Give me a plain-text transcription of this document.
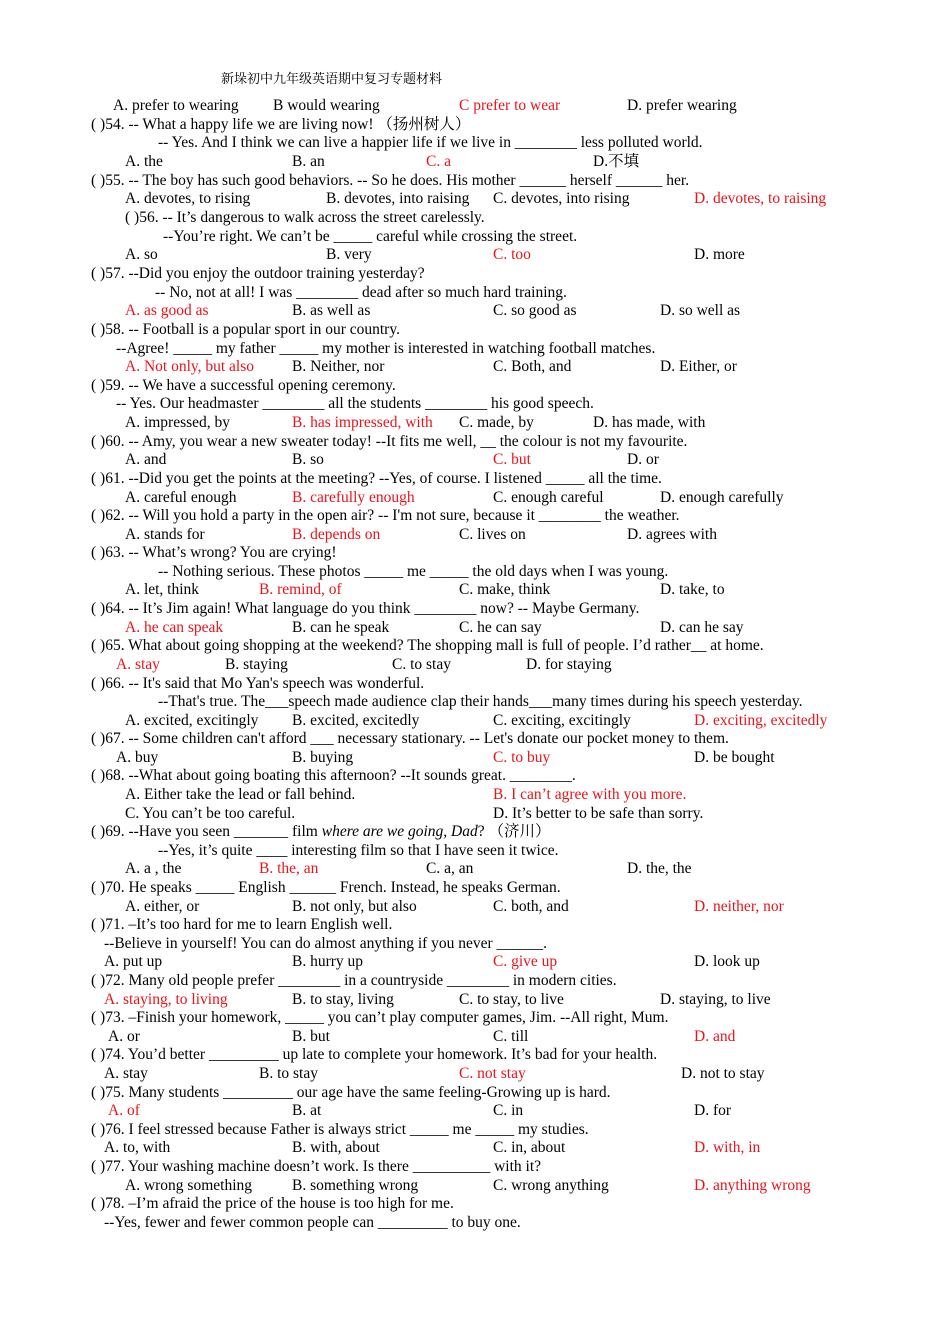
新垛初中九年级英语期中复习专题材料
A. prefer to wearing B would wearing	C prefer to wear	D. prefer wearing
( )54. -- What a happy life we are living now! （扬州树人）
-- Yes. And I think we can live a happier life if we live in ________ less polluted world.
A. the	B. an	C. a	D.不填
( )55. -- The boy has such good behaviors. -- So he does. His mother ______ herself ______ her.
A. devotes, to rising	B. devotes, into raising C. devotes, into rising	D. devotes, to raising
( )56. -- It’s dangerous to walk across the street carelessly.
--You’re right. We can’t be _____ careful while crossing the street.
A. so	B. very	C. too	D. more
( )57. --Did you enjoy the outdoor training yesterday?
-- No, not at all! I was ________ dead after so much hard training.
A. as good as	B. as well as	C. so good as	D. so well as
( )58. -- Football is a popular sport in our country.
--Agree! _____ my father _____ my mother is interested in watching football matches.
A. Not only, but also B. Neither, nor	C. Both, and	D. Either, or
( )59. -- We have a successful opening ceremony.
-- Yes. Our headmaster ________ all the students ________ his good speech.
A. impressed, by	B. has impressed, with C. made, by	D. has made, with
( )60. -- Amy, you wear a new sweater today! --It fits me well, __ the colour is not my favourite.
A. and	B. so	C. but	D. or
( )61. --Did you get the points at the meeting? --Yes, of course. I listened _____ all the time.
A. careful enough	B. carefully enough	C. enough careful	D. enough carefully
( )62. -- Will you hold a party in the open air? -- I'm not sure, because it ________ the weather.
A. stands for	B. depends on	C. lives on	D. agrees with
( )63. -- What’s wrong? You are crying!
-- Nothing serious. These photos _____ me _____ the old days when I was young.
A. let, think	B. remind, of	C. make, think	D. take, to
( )64. -- It’s Jim again! What language do you think ________ now? -- Maybe Germany.
A. he can speak	B. can he speak	C. he can say	D. can he say
( )65. What about going shopping at the weekend? The shopping mall is full of people. I’d rather__ at home.
A. stay	B. staying	C. to stay	D. for staying
( )66. -- It's said that Mo Yan's speech was wonderful.
--That's true. The___speech made audience clap their hands___many times during his speech yesterday.
A. excited, excitingly B. excited, excitedly	C. exciting, excitingly	D. exciting, excitedly
( )67. -- Some children can't afford ___ necessary stationary. -- Let's donate our pocket money to them.
A. buy	B. buying	C. to buy	D. be bought
( )68. --What about going boating this afternoon? --It sounds great. ________.
A. Either take the lead or fall behind.	B. I can’t agree with you more.
C. You can’t be too careful.	D. It’s better to be safe than sorry.
( )69. --Have you seen _______ film where are we going, Dad? （济川）
--Yes, it’s quite ____ interesting film so that I have seen it twice.
A. a , the	B. the, an	C. a, an	D. the, the
( )70. He speaks _____ English ______ French. Instead, he speaks German.
A. either, or	B. not only, but also	C. both, and	D. neither, nor
( )71. –It’s too hard for me to learn English well.
--Believe in yourself! You can do almost anything if you never ______.
A. put up	B. hurry up	C. give up	D. look up
( )72. Many old people prefer ________ in a countryside ________ in modern cities.
A. staying, to living	B. to stay, living	C. to stay, to live	D. staying, to live
( )73. –Finish your homework, _____ you can’t play computer games, Jim. --All right, Mum.
A. or	B. but	C. till	D. and
( )74. You’d better _________ up late to complete your homework. It’s bad for your health.
A. stay	B. to stay	C. not stay	D. not to stay
( )75. Many students _________ our age have the same feeling-Growing up is hard.
A. of	B. at	C. in	D. for
( )76. I feel stressed because Father is always strict _____ me _____ my studies.
A. to, with	B. with, about	C. in, about	D. with, in
( )77. Your washing machine doesn’t work. Is there __________ with it?
A. wrong something	B. something wrong	C. wrong anything	D. anything wrong
( )78. –I’m afraid the price of the house is too high for me.
--Yes, fewer and fewer common people can _________ to buy one.
